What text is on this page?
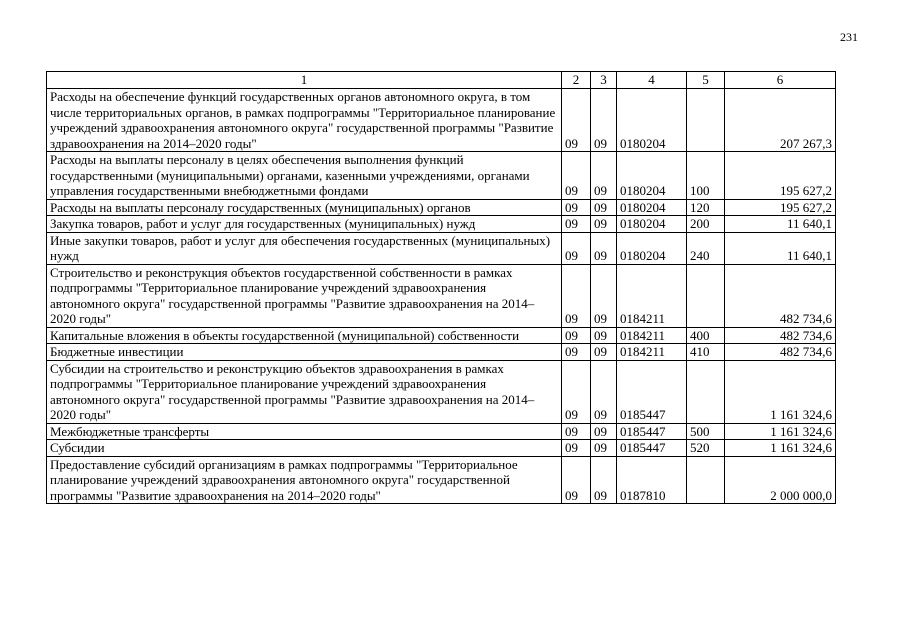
231
1	2	3	4	5	6
Расходы на обеспечение функций государственных органов автономного округа, в том числе территориальных органов, в рамках подпрограммы "Территориальное планирование учреждений здравоохранения автономного округа" государственной программы "Развитие здравоохранения на 2014–2020 годы"	09	09	0180204		207 267,3
Расходы на выплаты персоналу в целях обеспечения выполнения функций государственными (муниципальными) органами, казенными учреждениями, органами управления государственными внебюджетными фондами	09	09	0180204	100	195 627,2
Расходы на выплаты персоналу государственных (муниципальных) органов	09	09	0180204	120	195 627,2
Закупка товаров, работ и услуг для государственных (муниципальных) нужд	09	09	0180204	200	11 640,1
Иные закупки товаров, работ и услуг для обеспечения государственных (муниципальных) нужд	09	09	0180204	240	11 640,1
Строительство и реконструкция объектов государственной собственности в рамках подпрограммы "Территориальное планирование учреждений здравоохранения автономного округа" государственной программы "Развитие здравоохранения на 2014–2020 годы"	09	09	0184211		482 734,6
Капитальные вложения в объекты государственной (муниципальной) собственности	09	09	0184211	400	482 734,6
Бюджетные инвестиции	09	09	0184211	410	482 734,6
Субсидии на строительство и реконструкцию объектов здравоохранения в рамках подпрограммы "Территориальное планирование учреждений здравоохранения автономного округа" государственной программы "Развитие здравоохранения на 2014–2020 годы"	09	09	0185447		1 161 324,6
Межбюджетные трансферты	09	09	0185447	500	1 161 324,6
Субсидии	09	09	0185447	520	1 161 324,6
Предоставление субсидий организациям в рамках подпрограммы "Территориальное планирование учреждений здравоохранения автономного округа" государственной программы "Развитие здравоохранения на 2014–2020 годы"	09	09	0187810		2 000 000,0
